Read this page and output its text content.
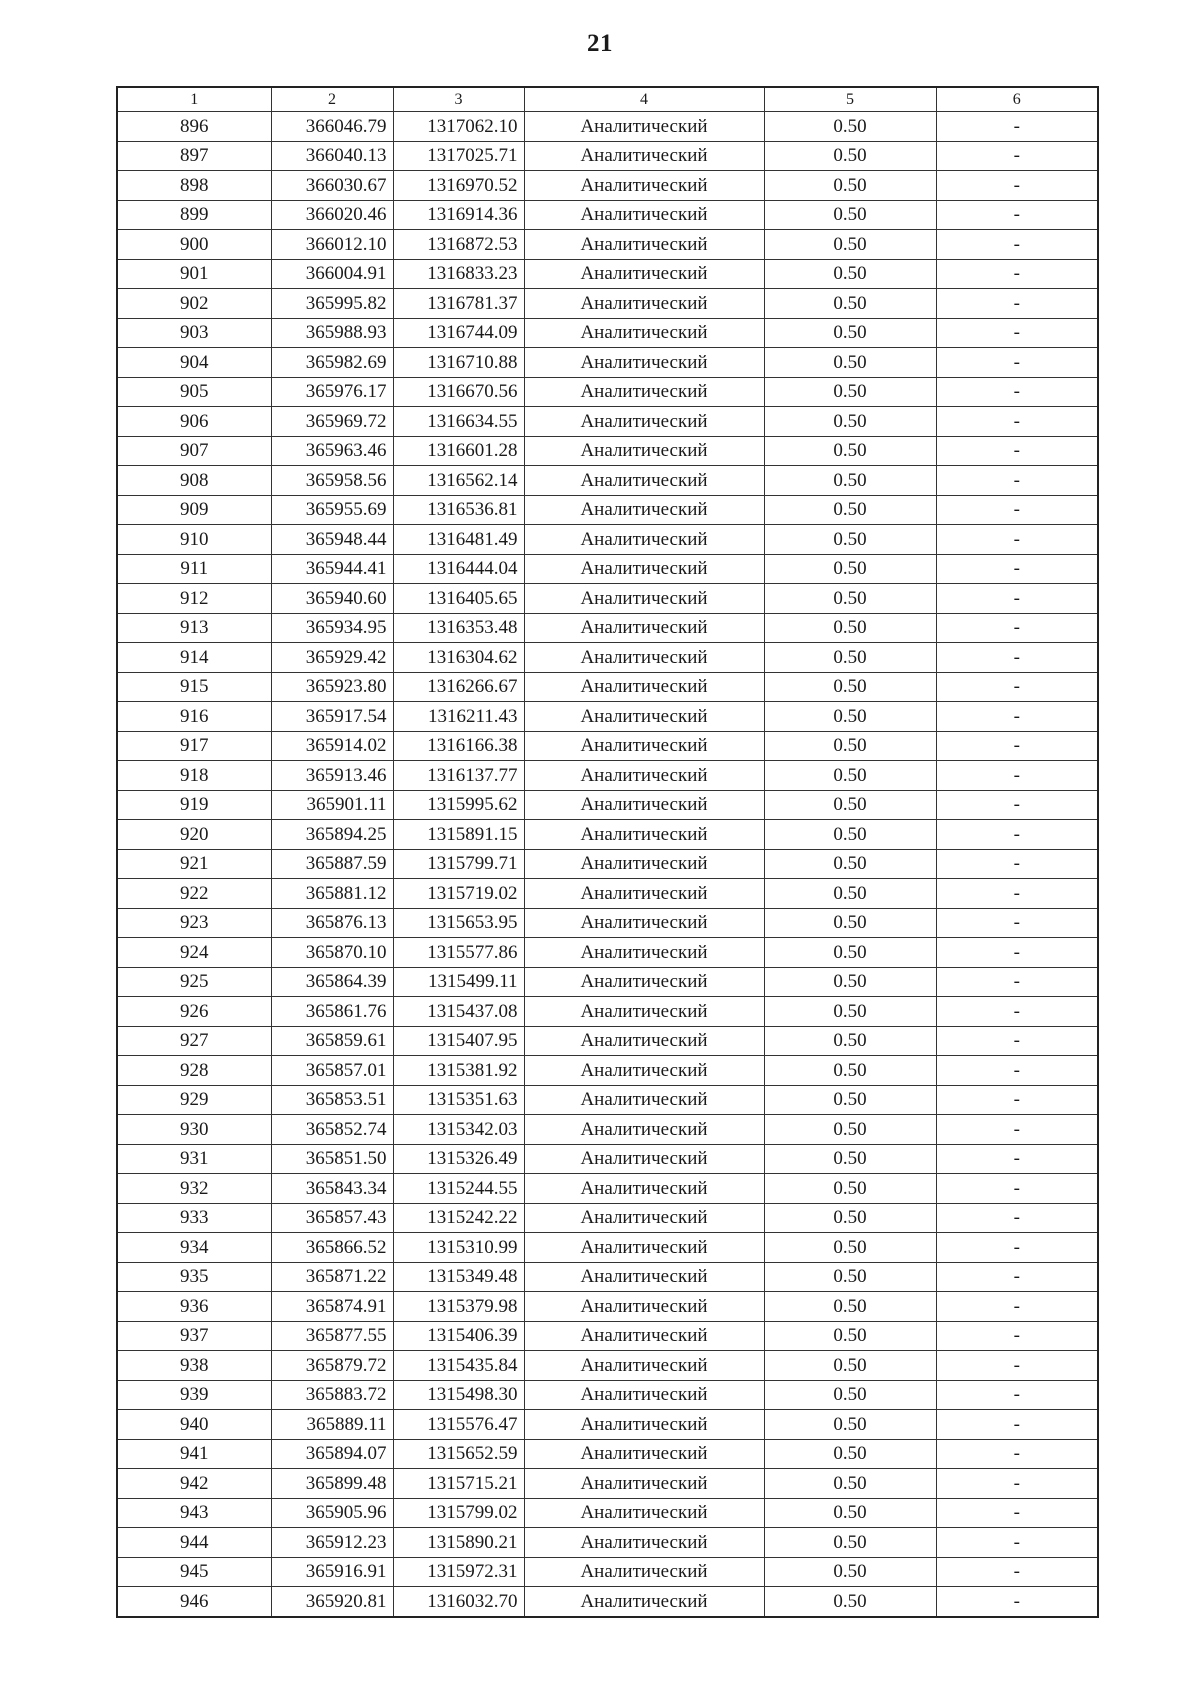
21
1	2	3	4	5	6
896	366046.79	1317062.10	Аналитический	0.50	-
897	366040.13	1317025.71	Аналитический	0.50	-
898	366030.67	1316970.52	Аналитический	0.50	-
899	366020.46	1316914.36	Аналитический	0.50	-
900	366012.10	1316872.53	Аналитический	0.50	-
901	366004.91	1316833.23	Аналитический	0.50	-
902	365995.82	1316781.37	Аналитический	0.50	-
903	365988.93	1316744.09	Аналитический	0.50	-
904	365982.69	1316710.88	Аналитический	0.50	-
905	365976.17	1316670.56	Аналитический	0.50	-
906	365969.72	1316634.55	Аналитический	0.50	-
907	365963.46	1316601.28	Аналитический	0.50	-
908	365958.56	1316562.14	Аналитический	0.50	-
909	365955.69	1316536.81	Аналитический	0.50	-
910	365948.44	1316481.49	Аналитический	0.50	-
911	365944.41	1316444.04	Аналитический	0.50	-
912	365940.60	1316405.65	Аналитический	0.50	-
913	365934.95	1316353.48	Аналитический	0.50	-
914	365929.42	1316304.62	Аналитический	0.50	-
915	365923.80	1316266.67	Аналитический	0.50	-
916	365917.54	1316211.43	Аналитический	0.50	-
917	365914.02	1316166.38	Аналитический	0.50	-
918	365913.46	1316137.77	Аналитический	0.50	-
919	365901.11	1315995.62	Аналитический	0.50	-
920	365894.25	1315891.15	Аналитический	0.50	-
921	365887.59	1315799.71	Аналитический	0.50	-
922	365881.12	1315719.02	Аналитический	0.50	-
923	365876.13	1315653.95	Аналитический	0.50	-
924	365870.10	1315577.86	Аналитический	0.50	-
925	365864.39	1315499.11	Аналитический	0.50	-
926	365861.76	1315437.08	Аналитический	0.50	-
927	365859.61	1315407.95	Аналитический	0.50	-
928	365857.01	1315381.92	Аналитический	0.50	-
929	365853.51	1315351.63	Аналитический	0.50	-
930	365852.74	1315342.03	Аналитический	0.50	-
931	365851.50	1315326.49	Аналитический	0.50	-
932	365843.34	1315244.55	Аналитический	0.50	-
933	365857.43	1315242.22	Аналитический	0.50	-
934	365866.52	1315310.99	Аналитический	0.50	-
935	365871.22	1315349.48	Аналитический	0.50	-
936	365874.91	1315379.98	Аналитический	0.50	-
937	365877.55	1315406.39	Аналитический	0.50	-
938	365879.72	1315435.84	Аналитический	0.50	-
939	365883.72	1315498.30	Аналитический	0.50	-
940	365889.11	1315576.47	Аналитический	0.50	-
941	365894.07	1315652.59	Аналитический	0.50	-
942	365899.48	1315715.21	Аналитический	0.50	-
943	365905.96	1315799.02	Аналитический	0.50	-
944	365912.23	1315890.21	Аналитический	0.50	-
945	365916.91	1315972.31	Аналитический	0.50	-
946	365920.81	1316032.70	Аналитический	0.50	-
